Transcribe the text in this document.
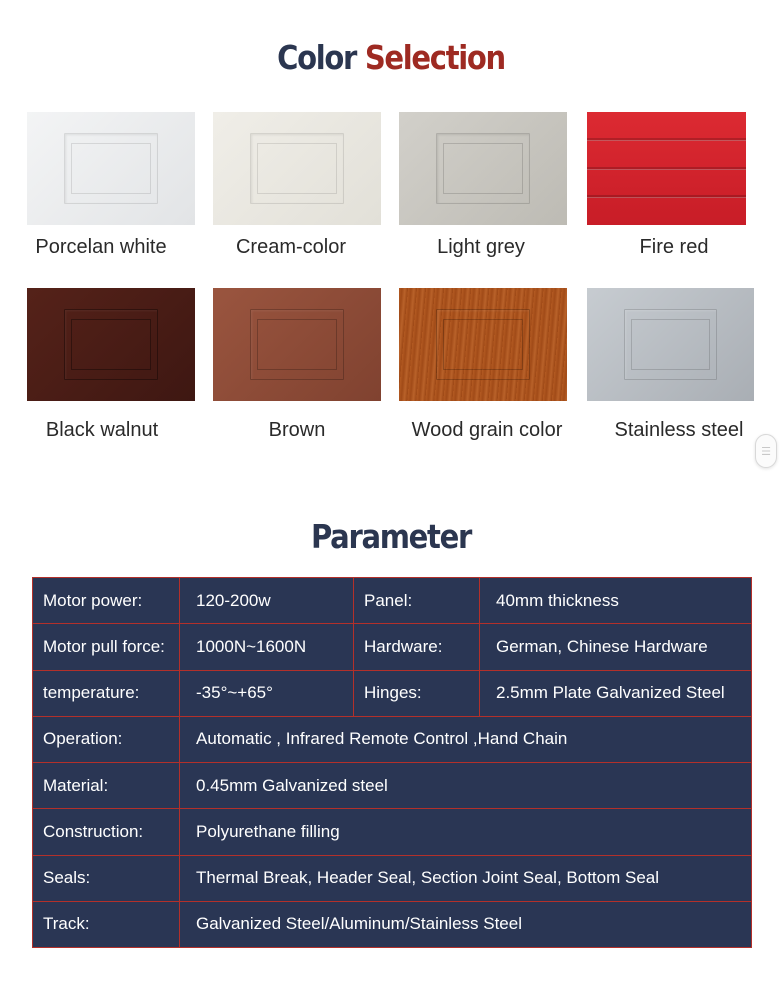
Color Selection
Porcelan white	Cream-color	Light grey	Fire red
Black walnut	Brown	Wood grain color	Stainless steel
☰
Parameter
Motor power:	120-200w	Panel:	40mm thickness
Motor pull force:	1000N~1600N	Hardware:	German, Chinese Hardware
temperature:	-35°~+65°	Hinges:	2.5mm Plate Galvanized Steel
Operation:	Automatic , Infrared Remote Control ,Hand Chain		
Material:	0.45mm Galvanized steel		
Construction:	Polyurethane filling		
Seals:	Thermal Break, Header Seal, Section Joint Seal, Bottom Seal		
Track:	Galvanized Steel/Aluminum/Stainless Steel		
